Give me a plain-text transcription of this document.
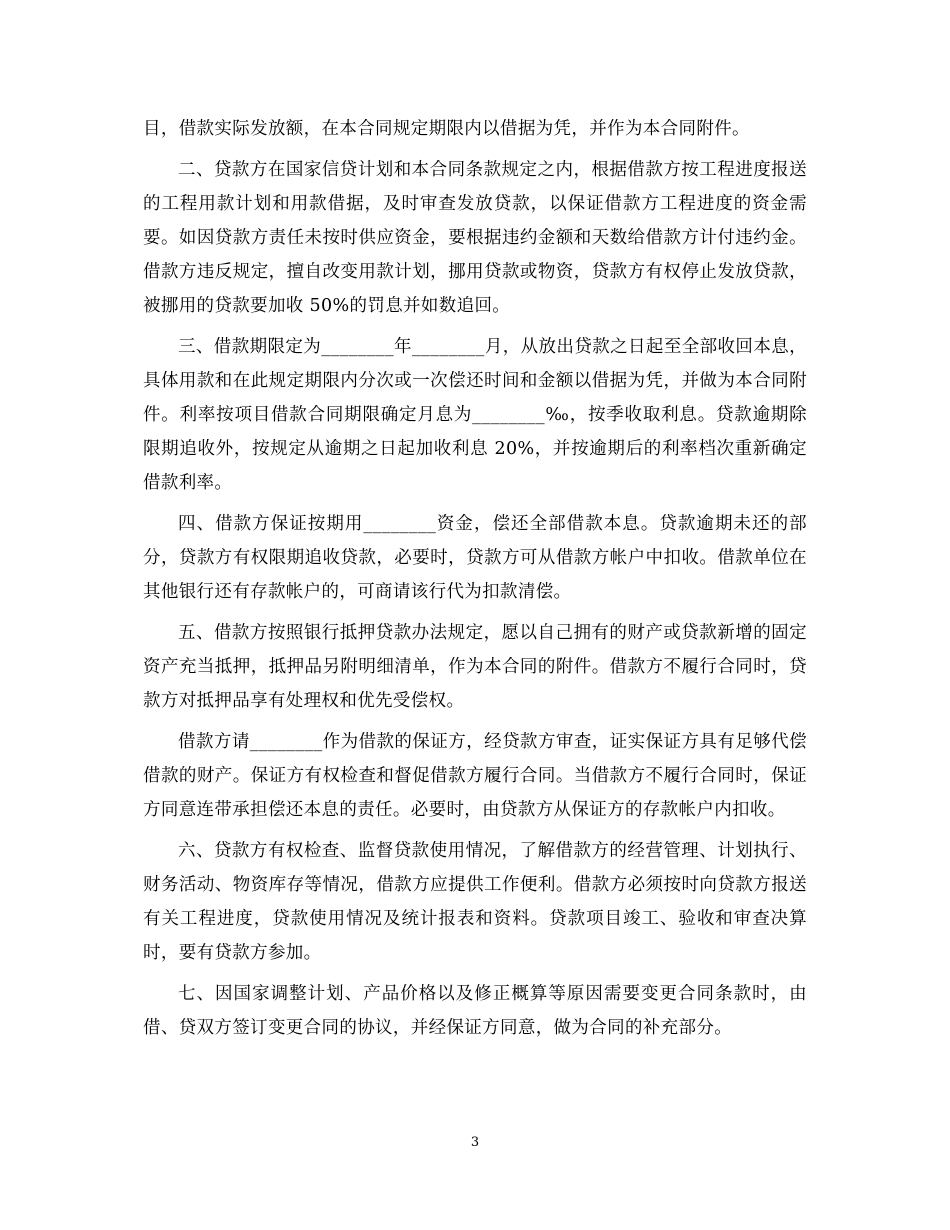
目，借款实际发放额，在本合同规定期限内以借据为凭，并作为本合同附件。

二、贷款方在国家信贷计划和本合同条款规定之内，根据借款方按工程进度报送的工程用款计划和用款借据，及时审查发放贷款，以保证借款方工程进度的资金需要。如因贷款方责任未按时供应资金，要根据违约金额和天数给借款方计付违约金。借款方违反规定，擅自改变用款计划，挪用贷款或物资，贷款方有权停止发放贷款，被挪用的贷款要加收 50%的罚息并如数追回。

三、借款期限定为________年________月，从放出贷款之日起至全部收回本息，具体用款和在此规定期限内分次或一次偿还时间和金额以借据为凭，并做为本合同附件。利率按项目借款合同期限确定月息为________‰，按季收取利息。贷款逾期除限期追收外，按规定从逾期之日起加收利息 20%，并按逾期后的利率档次重新确定借款利率。

四、借款方保证按期用________资金，偿还全部借款本息。贷款逾期未还的部分，贷款方有权限期追收贷款，必要时，贷款方可从借款方帐户中扣收。借款单位在其他银行还有存款帐户的，可商请该行代为扣款清偿。

五、借款方按照银行抵押贷款办法规定，愿以自己拥有的财产或贷款新增的固定资产充当抵押，抵押品另附明细清单，作为本合同的附件。借款方不履行合同时，贷款方对抵押品享有处理权和优先受偿权。

借款方请________作为借款的保证方，经贷款方审查，证实保证方具有足够代偿借款的财产。保证方有权检查和督促借款方履行合同。当借款方不履行合同时，保证方同意连带承担偿还本息的责任。必要时，由贷款方从保证方的存款帐户内扣收。

六、贷款方有权检查、监督贷款使用情况，了解借款方的经营管理、计划执行、财务活动、物资库存等情况，借款方应提供工作便利。借款方必须按时向贷款方报送有关工程进度，贷款使用情况及统计报表和资料。贷款项目竣工、验收和审查决算时，要有贷款方参加。

七、因国家调整计划、产品价格以及修正概算等原因需要变更合同条款时，由借、贷双方签订变更合同的协议，并经保证方同意，做为合同的补充部分。

3
